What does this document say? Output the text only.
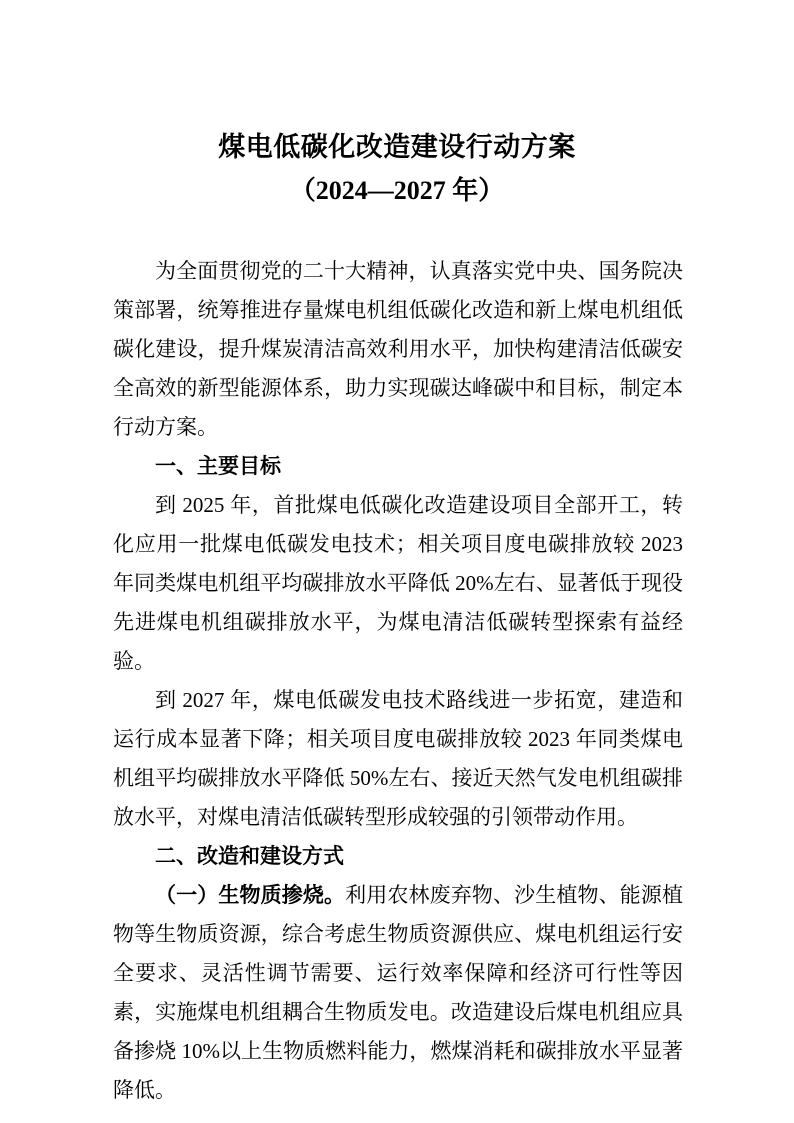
煤电低碳化改造建设行动方案
（2024—2027 年）

为全面贯彻党的二十大精神，认真落实党中央、国务院决策部署，统筹推进存量煤电机组低碳化改造和新上煤电机组低碳化建设，提升煤炭清洁高效利用水平，加快构建清洁低碳安全高效的新型能源体系，助力实现碳达峰碳中和目标，制定本行动方案。

一、主要目标

到 2025 年，首批煤电低碳化改造建设项目全部开工，转化应用一批煤电低碳发电技术；相关项目度电碳排放较 2023 年同类煤电机组平均碳排放水平降低 20%左右、显著低于现役先进煤电机组碳排放水平，为煤电清洁低碳转型探索有益经验。

到 2027 年，煤电低碳发电技术路线进一步拓宽，建造和运行成本显著下降；相关项目度电碳排放较 2023 年同类煤电机组平均碳排放水平降低 50%左右、接近天然气发电机组碳排放水平，对煤电清洁低碳转型形成较强的引领带动作用。

二、改造和建设方式

（一）生物质掺烧。利用农林废弃物、沙生植物、能源植物等生物质资源，综合考虑生物质资源供应、煤电机组运行安全要求、灵活性调节需要、运行效率保障和经济可行性等因素，实施煤电机组耦合生物质发电。改造建设后煤电机组应具备掺烧 10%以上生物质燃料能力，燃煤消耗和碳排放水平显著降低。
